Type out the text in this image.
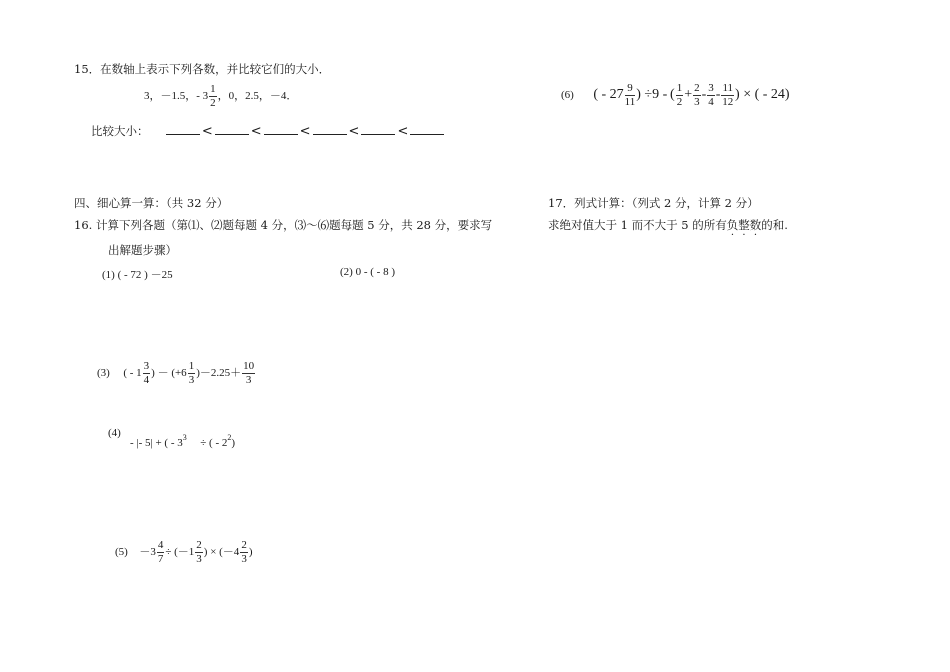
15．在数轴上表示下列各数，并比较它们的大小．
3，－1.5，- $3 \frac{1}{2}$ ，0，2.5，－4．
比较大小：	<	<	<	<	<
四、细心算一算：（共 32 分）
16. 计算下列各题（第⑴、⑵题每题 4 分，⑶～⑹题每题 5 分，共 28 分，要求写
出解题步骤）
(1) ( - 72 ) －25	(2) 0 - ( - 8 )
(3) ( - $1 \frac{3}{4}$ ) － $(+6 \frac{1}{3} )-2.25+ \frac{10}{3}$
(4)
- |- 5| + ( - $3^3$ ÷ ( - $2^2$)
$(5) -3 \frac{4}{7} \div (-1 \frac{2}{3}$ ) × ($-4 \frac{2}{3}$ )
(6) ( - $27 \frac{9}{11}$ ) ÷9 - ( $\frac{1}{2} + \frac{2}{3} - \frac{3}{4} - \frac{11}{12}$ ) × ( - 24)
17．列式计算：（列式 2 分，计算 2 分）
求绝对值大于 1 而不大于 5 的所有负整数的和.
